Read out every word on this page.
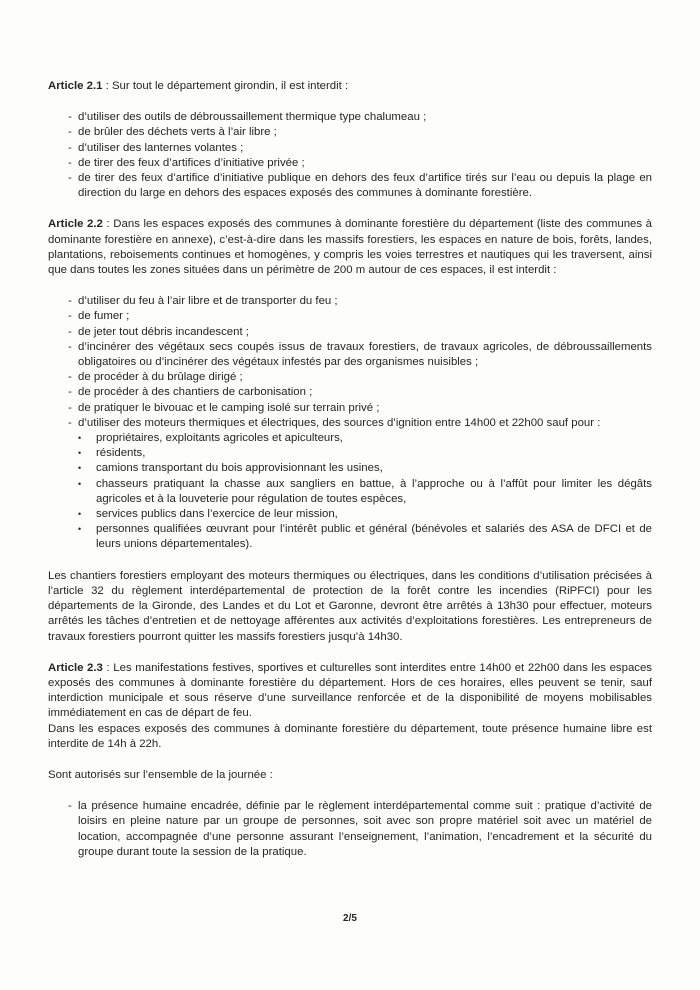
Article 2.1 : Sur tout le département girondin, il est interdit :

- d’utiliser des outils de débroussaillement thermique type chalumeau ;
- de brûler des déchets verts à l’air libre ;
- d’utiliser des lanternes volantes ;
- de tirer des feux d’artifices d’initiative privée ;
- de tirer des feux d’artifice d’initiative publique en dehors des feux d’artifice tirés sur l’eau ou depuis la plage en direction du large en dehors des espaces exposés des communes à dominante forestière.

Article 2.2 : Dans les espaces exposés des communes à dominante forestière du département (liste des communes à dominante forestière en annexe), c’est-à-dire dans les massifs forestiers, les espaces en nature de bois, forêts, landes, plantations, reboisements continues et homogènes, y compris les voies terrestres et nautiques qui les traversent, ainsi que dans toutes les zones situées dans un périmètre de 200 m autour de ces espaces, il est interdit :

- d’utiliser du feu à l’air libre et de transporter du feu ;
- de fumer ;
- de jeter tout débris incandescent ;
- d’incinérer des végétaux secs coupés issus de travaux forestiers, de travaux agricoles, de débroussaillements obligatoires ou d’incinérer des végétaux infestés par des organismes nuisibles ;
- de procéder à du brûlage dirigé ;
- de procéder à des chantiers de carbonisation ;
- de pratiquer le bivouac et le camping isolé sur terrain privé ;
- d’utiliser des moteurs thermiques et électriques, des sources d’ignition entre 14h00 et 22h00 sauf pour :
• propriétaires, exploitants agricoles et apiculteurs,
• résidents,
• camions transportant du bois approvisionnant les usines,
• chasseurs pratiquant la chasse aux sangliers en battue, à l’approche ou à l’affût pour limiter les dégâts agricoles et à la louveterie pour régulation de toutes espèces,
• services publics dans l’exercice de leur mission,
• personnes qualifiées œuvrant pour l’intérêt public et général (bénévoles et salariés des ASA de DFCI et de leurs unions départementales).

Les chantiers forestiers employant des moteurs thermiques ou électriques, dans les conditions d’utilisation précisées à l’article 32 du règlement interdépartemental de protection de la forêt contre les incendies (RiPFCI) pour les départements de la Gironde, des Landes et du Lot et Garonne, devront être arrêtés à 13h30 pour effectuer, moteurs arrêtés les tâches d’entretien et de nettoyage afférentes aux activités d’exploitations forestières. Les entrepreneurs de travaux forestiers pourront quitter les massifs forestiers jusqu’à 14h30.

Article 2.3 : Les manifestations festives, sportives et culturelles sont interdites entre 14h00 et 22h00 dans les espaces exposés des communes à dominante forestière du département. Hors de ces horaires, elles peuvent se tenir, sauf interdiction municipale et sous réserve d’une surveillance renforcée et de la disponibilité de moyens mobilisables immédiatement en cas de départ de feu.

Dans les espaces exposés des communes à dominante forestière du département, toute présence humaine libre est interdite de 14h à 22h.

Sont autorisés sur l’ensemble de la journée :

- la présence humaine encadrée, définie par le règlement interdépartemental comme suit : pratique d’activité de loisirs en pleine nature par un groupe de personnes, soit avec son propre matériel soit avec un matériel de location, accompagnée d’une personne assurant l’enseignement, l’animation, l’encadrement et la sécurité du groupe durant toute la session de la pratique.
2/5
